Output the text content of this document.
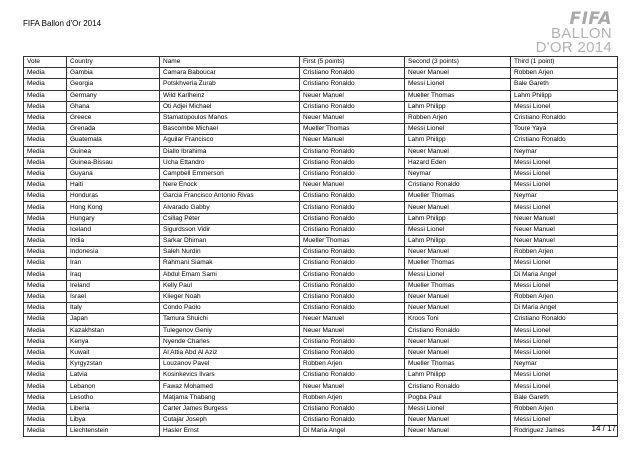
FIFA Ballon d'Or 2014	FIFA
BALLON
D'OR 2014
Vote	Country	Name	First (5 points)	Second (3 points)	Third (1 point)
Media	Gambia	Camara Baboucar	Cristiano Ronaldo	Neuer Manuel	Robben Arjen
Media	Georgia	Potskhveria Zurab	Cristiano Ronaldo	Messi Lionel	Bale Gareth
Media	Germany	Wild Karlheinz	Neuer Manuel	Mueller Thomas	Lahm Philipp
Media	Ghana	Oti Adjei Michael	Cristiano Ronaldo	Lahm Philipp	Messi Lionel
Media	Greece	Stamatopoulos Manos	Neuer Manuel	Robben Arjen	Cristiano Ronaldo
Media	Grenada	Bascombe Michael	Mueller Thomas	Messi Lionel	Toure Yaya
Media	Guatemala	Aguilar Francisco	Neuer Manuel	Lahm Philipp	Cristiano Ronaldo
Media	Guinea	Diallo Ibrahima	Cristiano Ronaldo	Neuer Manuel	Neymar
Media	Guinea-Bissau	Ucha Ettandro	Cristiano Ronaldo	Hazard Eden	Messi Lionel
Media	Guyana	Campbell Emmerson	Cristiano Ronaldo	Neymar	Messi Lionel
Media	Haiti	Nere Enock	Neuer Manuel	Cristiano Ronaldo	Messi Lionel
Media	Honduras	Garcia Francisco Antonio Rivas	Cristiano Ronaldo	Mueller Thomas	Neymar
Media	Hong Kong	Alvarado Gabby	Cristiano Ronaldo	Neuer Manuel	Messi Lionel
Media	Hungary	Csillag Péter	Cristiano Ronaldo	Lahm Philipp	Neuer Manuel
Media	Iceland	Sigurdsson Vidir	Cristiano Ronaldo	Messi Lionel	Neuer Manuel
Media	India	Sarkar Dhiman	Mueller Thomas	Lahm Philipp	Neuer Manuel
Media	Indonesia	Saleh Nurdin	Cristiano Ronaldo	Neuer Manuel	Robben Arjen
Media	Iran	Rahmani Siamak	Cristiano Ronaldo	Mueller Thomas	Messi Lionel
Media	Iraq	Abdul Emam Sami	Cristiano Ronaldo	Messi Lionel	Di Maria Angel
Media	Ireland	Kelly Paul	Cristiano Ronaldo	Mueller Thomas	Messi Lionel
Media	Israel	Klieger Noah	Cristiano Ronaldo	Neuer Manuel	Robben Arjen
Media	Italy	Condo Paolo	Cristiano Ronaldo	Neuer Manuel	Di Maria Angel
Media	Japan	Tamura Shuichi	Neuer Manuel	Kroos Toni	Cristiano Ronaldo
Media	Kazakhstan	Tulegenov Geniy	Neuer Manuel	Cristiano Ronaldo	Messi Lionel
Media	Kenya	Nyende Charles	Cristiano Ronaldo	Neuer Manuel	Messi Lionel
Media	Kuwait	Al Attia Abd Al Aziz	Cristiano Ronaldo	Neuer Manuel	Messi Lionel
Media	Kyrgyzstan	Louzanov Pavel	Robben Arjen	Mueller Thomas	Neymar
Media	Latvia	Kosinkevics Ilvars	Cristiano Ronaldo	Lahm Philipp	Messi Lionel
Media	Lebanon	Fawaz Mohamed	Neuer Manuel	Cristiano Ronaldo	Messi Lionel
Media	Lesotho	Matjama Thabang	Robben Arjen	Pogba Paul	Bale Gareth
Media	Liberia	Carter James Burgess	Cristiano Ronaldo	Messi Lionel	Robben Arjen
Media	Libya	Cutajar Joseph	Cristiano Ronaldo	Neuer Manuel	Messi Lionel
Media	Liechtenstein	Hasler Ernst	Di Maria Angel	Neuer Manuel	Rodriguez James	14 / 17
